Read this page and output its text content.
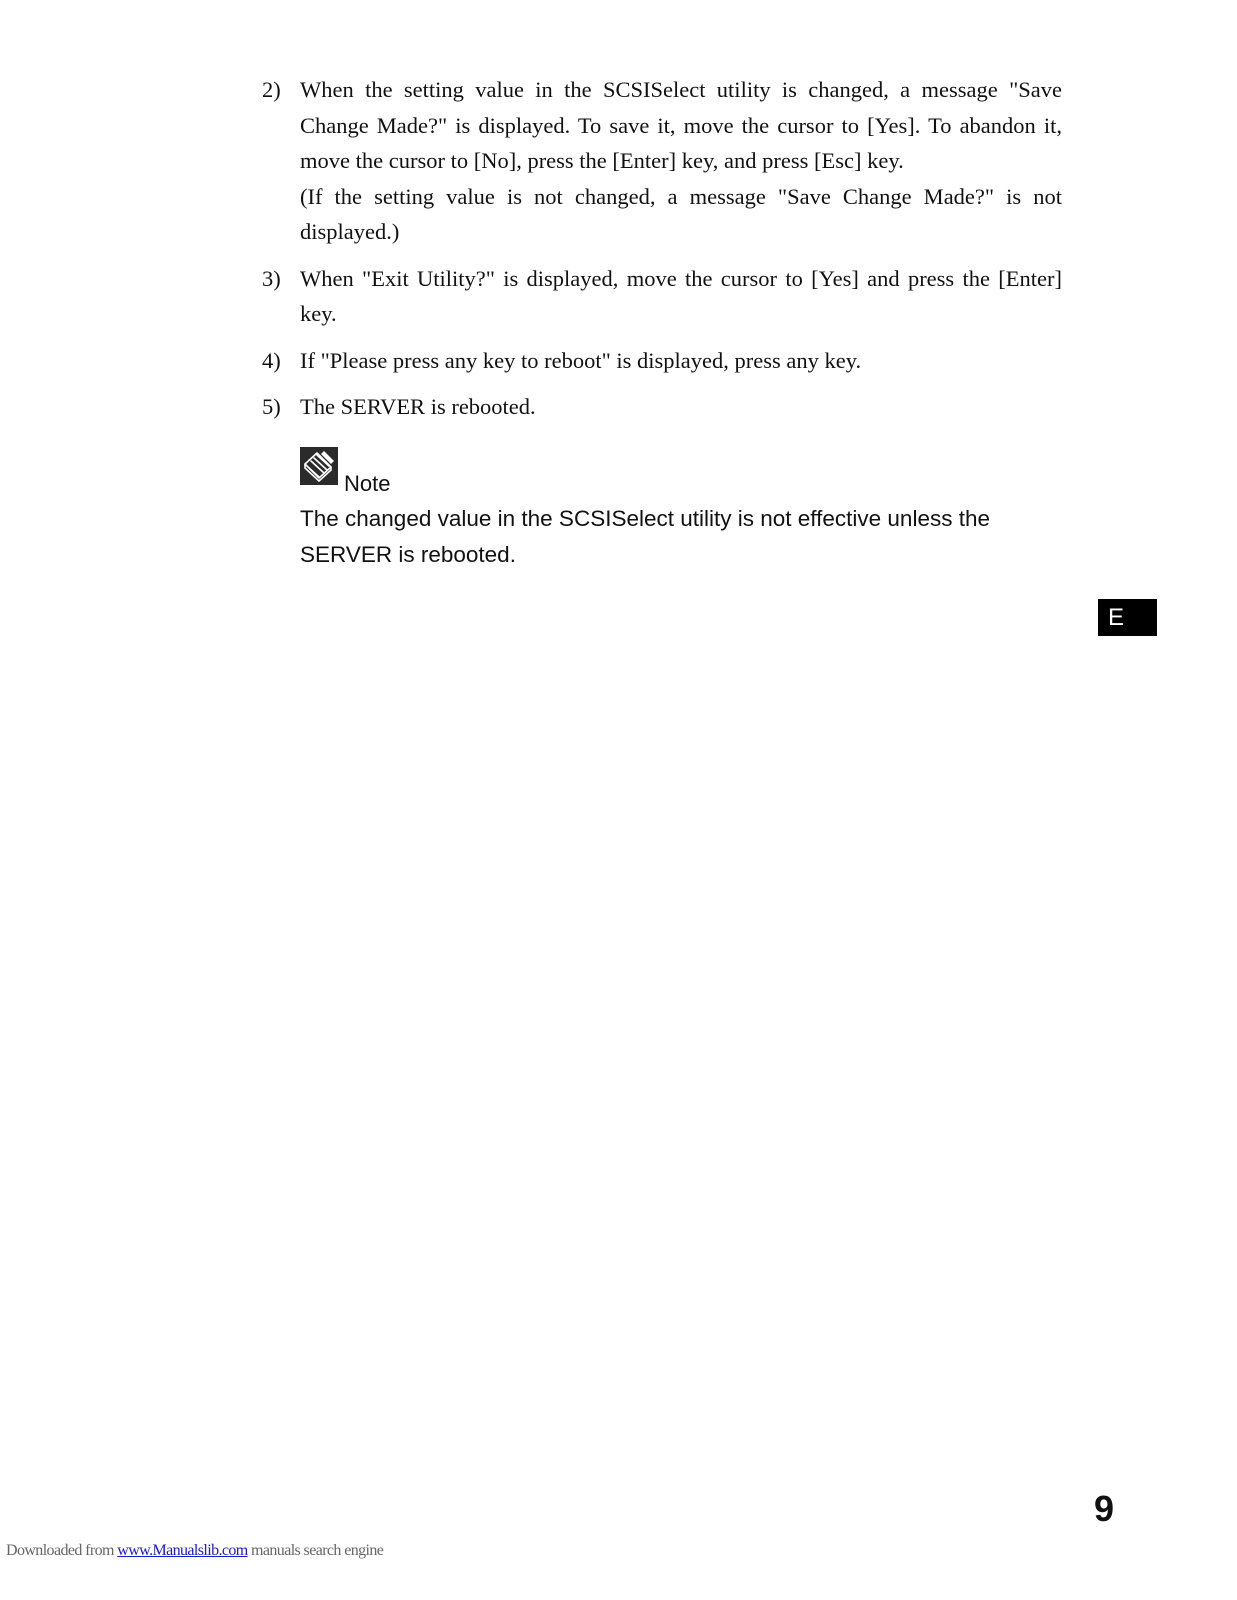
2) When the setting value in the SCSISelect utility is changed, a message "Save Change Made?" is displayed. To save it, move the cursor to [Yes]. To abandon it, move the cursor to [No], press the [Enter] key, and press [Esc] key.

(If the setting value is not changed, a message "Save Change Made?" is not displayed.)

3) When "Exit Utility?" is displayed, move the cursor to [Yes] and press the [Enter] key.

4) If "Please press any key to reboot" is displayed, press any key.

5) The SERVER is rebooted.

Note

The changed value in the SCSISelect utility is not effective unless the SERVER is rebooted.

E
9
Downloaded from www.Manualslib.com manuals search engine
